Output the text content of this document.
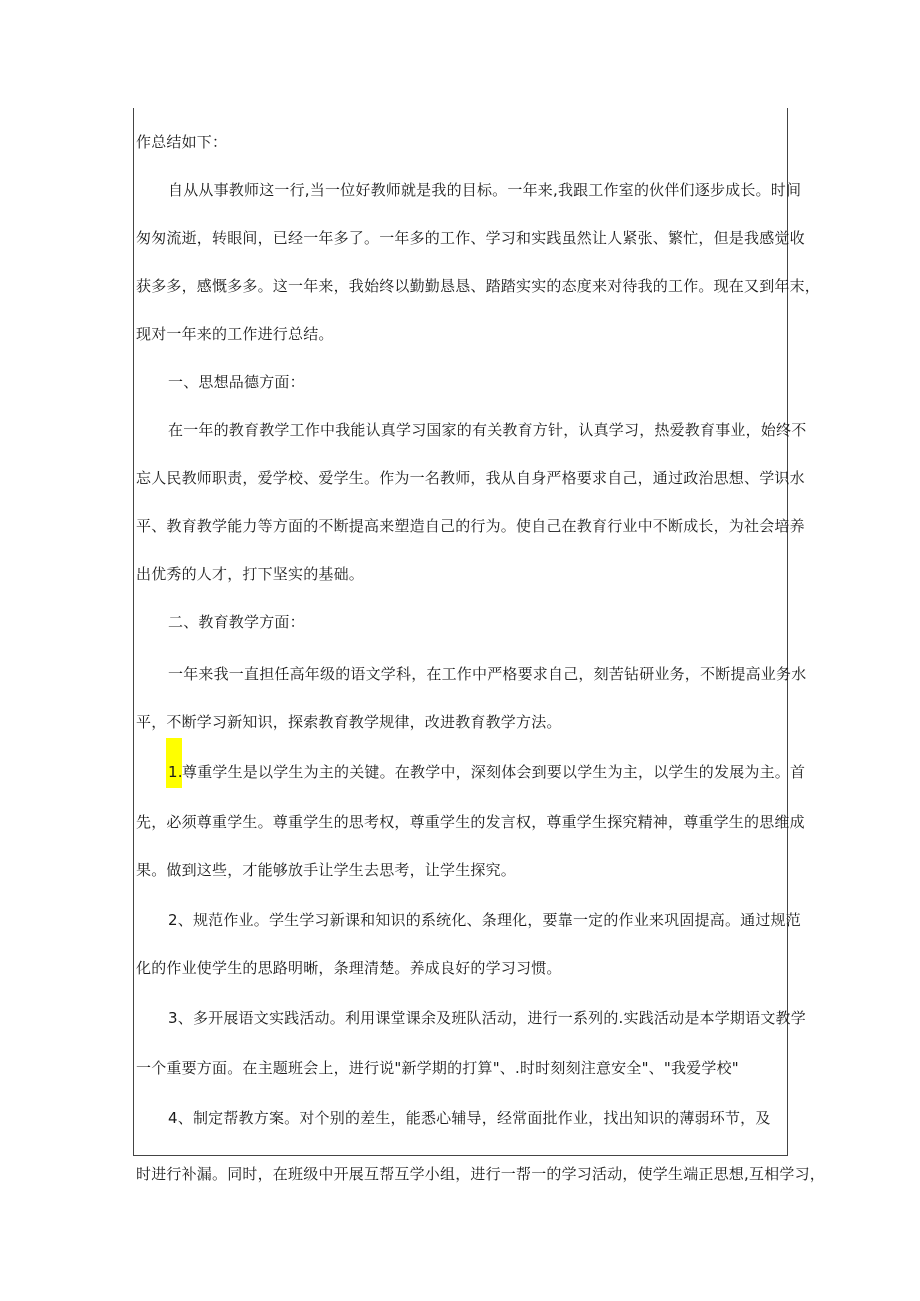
作总结如下：
自从从事教师这一行,当一位好教师就是我的目标。一年来,我跟工作室的伙伴们逐步成长。时间
匆匆流逝，转眼间，已经一年多了。一年多的工作、学习和实践虽然让人紧张、繁忙，但是我感觉收
获多多，感慨多多。这一年来，我始终以勤勤恳恳、踏踏实实的态度来对待我的工作。现在又到年末，
现对一年来的工作进行总结。
一、思想品德方面：
在一年的教育教学工作中我能认真学习国家的有关教育方针，认真学习，热爱教育事业，始终不
忘人民教师职责，爱学校、爱学生。作为一名教师，我从自身严格要求自己，通过政治思想、学识水
平、教育教学能力等方面的不断提高来塑造自己的行为。使自己在教育行业中不断成长，为社会培养
出优秀的人才，打下坚实的基础。
二、教育教学方面：
一年来我一直担任高年级的语文学科，在工作中严格要求自己，刻苦钻研业务，不断提高业务水
平，不断学习新知识，探索教育教学规律，改进教育教学方法。
1. 尊重学生是以学生为主的关键。在教学中，深刻体会到要以学生为主，以学生的发展为主。首
先，必须尊重学生。尊重学生的思考权，尊重学生的发言权，尊重学生探究精神，尊重学生的思维成
果。做到这些，才能够放手让学生去思考，让学生探究。
2、规范作业。学生学习新课和知识的系统化、条理化，要靠一定的作业来巩固提高。通过规范
化的作业使学生的思路明晰，条理清楚。养成良好的学习习惯。
3、多开展语文实践活动。利用课堂课余及班队活动，进行一系列的.实践活动是本学期语文教学
一个重要方面。在主题班会上，进行说"新学期的打算"、.时时刻刻注意安全"、"我爱学校"
4、制定帮教方案。对个别的差生，能悉心辅导，经常面批作业，找出知识的薄弱环节，及
时进行补漏。同时，在班级中开展互帮互学小组，进行一帮一的学习活动，使学生端正思想,互相学习，
